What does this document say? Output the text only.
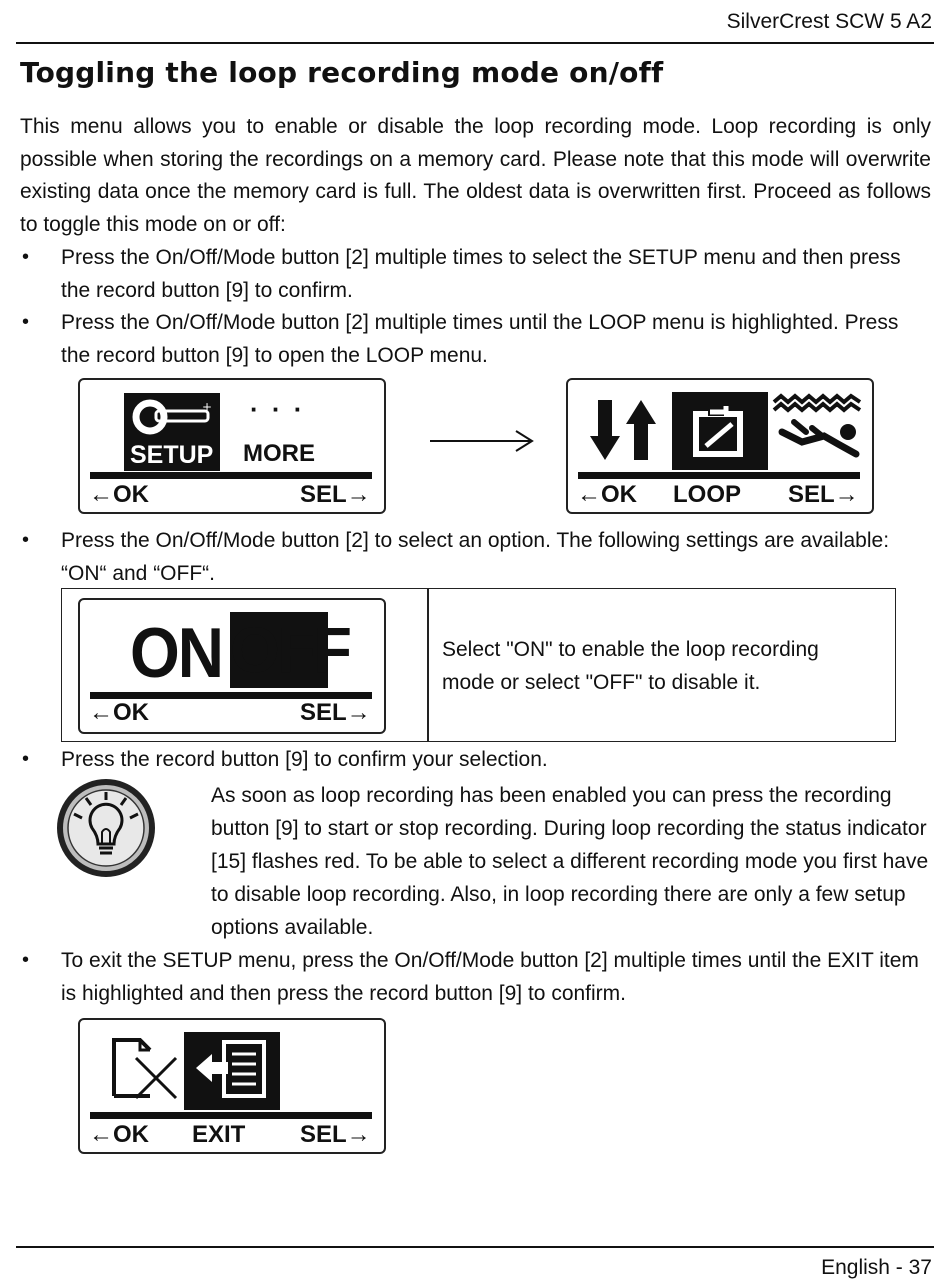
SilverCrest SCW 5 A2
Toggling the loop recording mode on/off
This menu allows you to enable or disable the loop recording mode. Loop recording is only possible when storing the recordings on a memory card. Please note that this mode will overwrite existing data once the memory card is full. The oldest data is overwritten first. Proceed as follows to toggle this mode on or off:
• Press the On/Off/Mode button [2] multiple times to select the SETUP menu and then press the record button [9] to confirm.
• Press the On/Off/Mode button [2] multiple times until the LOOP menu is highlighted. Press the record button [9] to open the LOOP menu.
+
SETUP
· · ·
MORE
←OK	SEL→	←OK LOOP SEL→
• Press the On/Off/Mode button [2] to select an option. The following settings are available: “ON“ and “OFF“.
ON OFF
←OK	SEL→
Select "ON" to enable the loop recording mode or select "OFF" to disable it.
• Press the record button [9] to confirm your selection.
As soon as loop recording has been enabled you can press the recording button [9] to start or stop recording. During loop recording the status indicator [15] flashes red. To be able to select a different recording mode you first have to disable loop recording. Also, in loop recording there are only a few setup options available.
• To exit the SETUP menu, press the On/Off/Mode button [2] multiple times until the EXIT item is highlighted and then press the record button [9] to confirm.
←OK EXIT SEL→
English - 37
